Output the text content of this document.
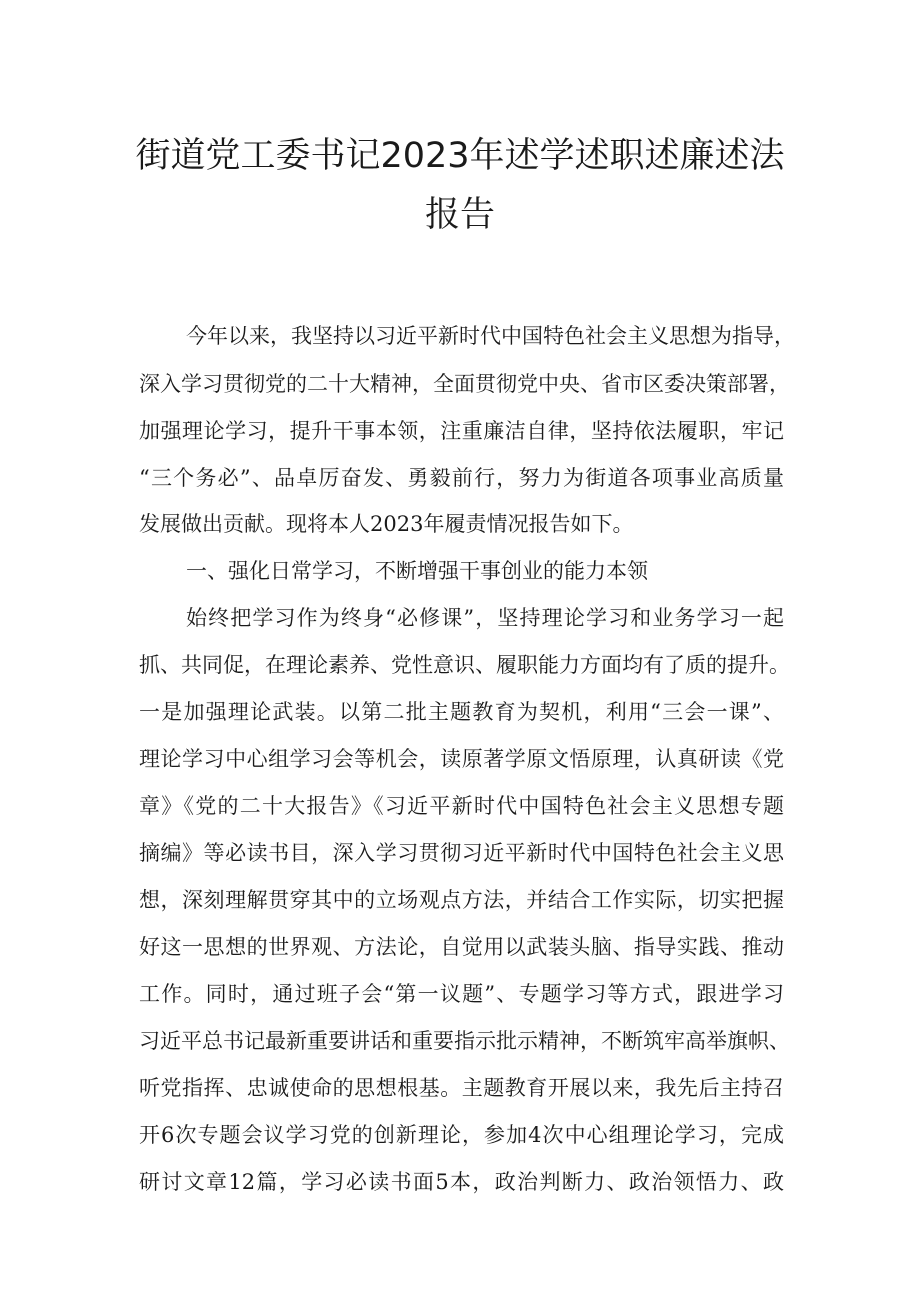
街道党工委书记2023年述学述职述廉述法
报告
今年以来，我坚持以习近平新时代中国特色社会主义思想为指导，
深入学习贯彻党的二十大精神，全面贯彻党中央、省市区委决策部署，
加强理论学习，提升干事本领，注重廉洁自律，坚持依法履职，牢记
“三个务必”、品卓厉奋发、勇毅前行，努力为街道各项事业高质量
发展做出贡献。现将本人2023年履责情况报告如下。
一、强化日常学习，不断增强干事创业的能力本领
始终把学习作为终身“必修课”，坚持理论学习和业务学习一起
抓、共同促，在理论素养、党性意识、履职能力方面均有了质的提升。
一是加强理论武装。以第二批主题教育为契机，利用“三会一课”、
理论学习中心组学习会等机会，读原著学原文悟原理，认真研读《党
章》《党的二十大报告》《习近平新时代中国特色社会主义思想专题
摘编》等必读书目，深入学习贯彻习近平新时代中国特色社会主义思
想，深刻理解贯穿其中的立场观点方法，并结合工作实际，切实把握
好这一思想的世界观、方法论，自觉用以武装头脑、指导实践、推动
工作。同时，通过班子会“第一议题”、专题学习等方式，跟进学习
习近平总书记最新重要讲话和重要指示批示精神，不断筑牢高举旗帜、
听党指挥、忠诚使命的思想根基。主题教育开展以来，我先后主持召
开6次专题会议学习党的创新理论，参加4次中心组理论学习，完成
研讨文章12篇，学习必读书面5本，政治判断力、政治领悟力、政
